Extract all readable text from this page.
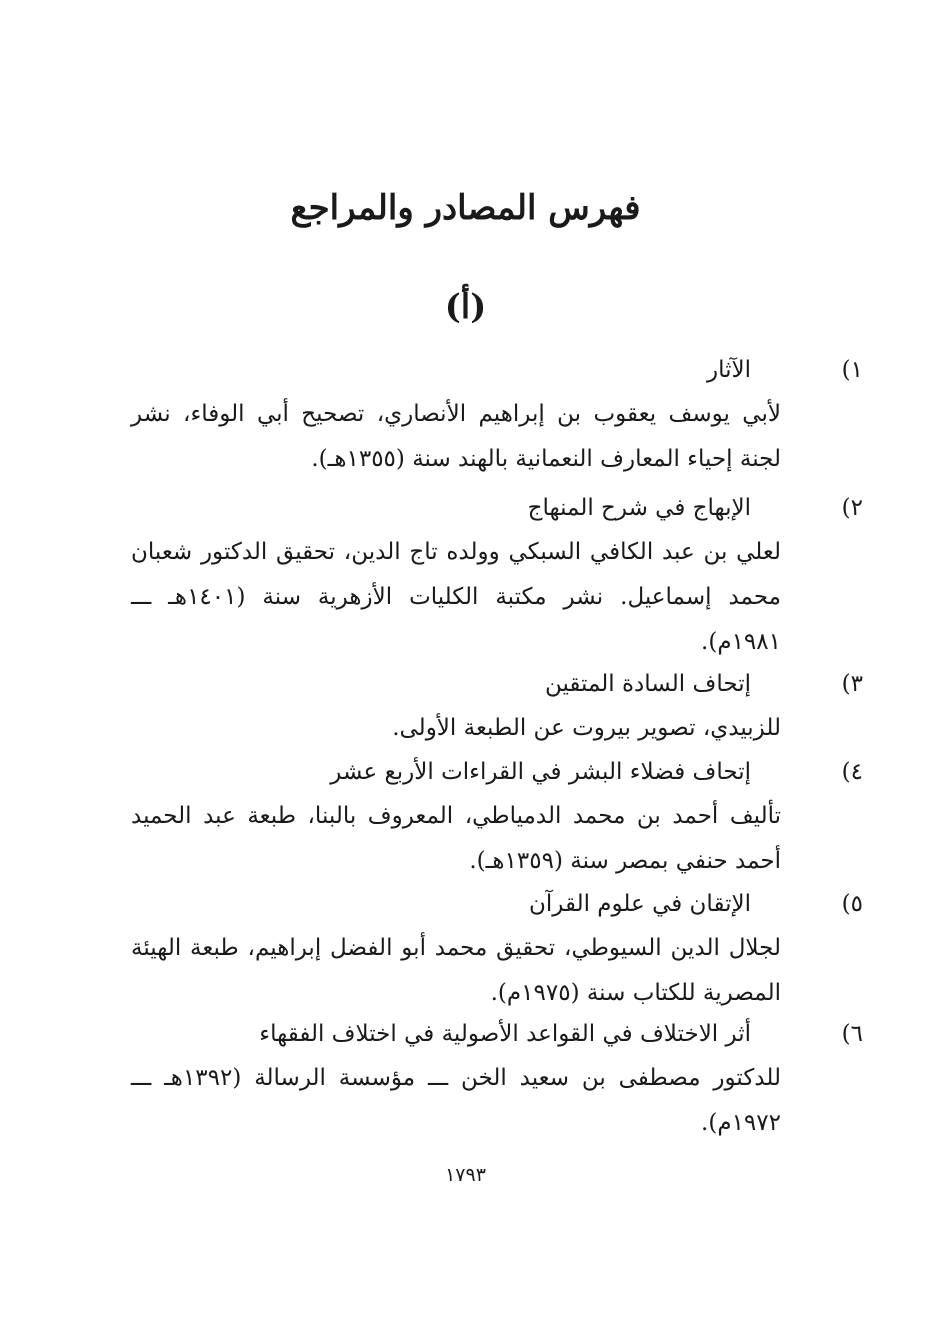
فهرس المصادر والمراجع
(أ)
١)
الآثار
لأبي يوسف يعقوب بن إبراهيم الأنصاري، تصحيح أبي الوفاء، نشر
لجنة إحياء المعارف النعمانية بالهند سنة (١٣٥٥هـ).
٢)
الإبهاج في شرح المنهاج
لعلي بن عبد الكافي السبكي وولده تاج الدين، تحقيق الدكتور شعبان
محمد إسماعيل. نشر مكتبة الكليات الأزهرية سنة (١٤٠١هـ ـــ
١٩٨١م).
٣)
إتحاف السادة المتقين
للزبيدي، تصوير بيروت عن الطبعة الأولى.
٤)
إتحاف فضلاء البشر في القراءات الأربع عشر
تأليف أحمد بن محمد الدمياطي، المعروف بالبنا، طبعة عبد الحميد
أحمد حنفي بمصر سنة (١٣٥٩هـ).
٥)
الإتقان في علوم القرآن
لجلال الدين السيوطي، تحقيق محمد أبو الفضل إبراهيم، طبعة الهيئة
المصرية للكتاب سنة (١٩٧٥م).
٦)
أثر الاختلاف في القواعد الأصولية في اختلاف الفقهاء
للدكتور مصطفى بن سعيد الخن ـــ مؤسسة الرسالة (١٣٩٢هـ ـــ
١٩٧٢م).
١٧٩٣
